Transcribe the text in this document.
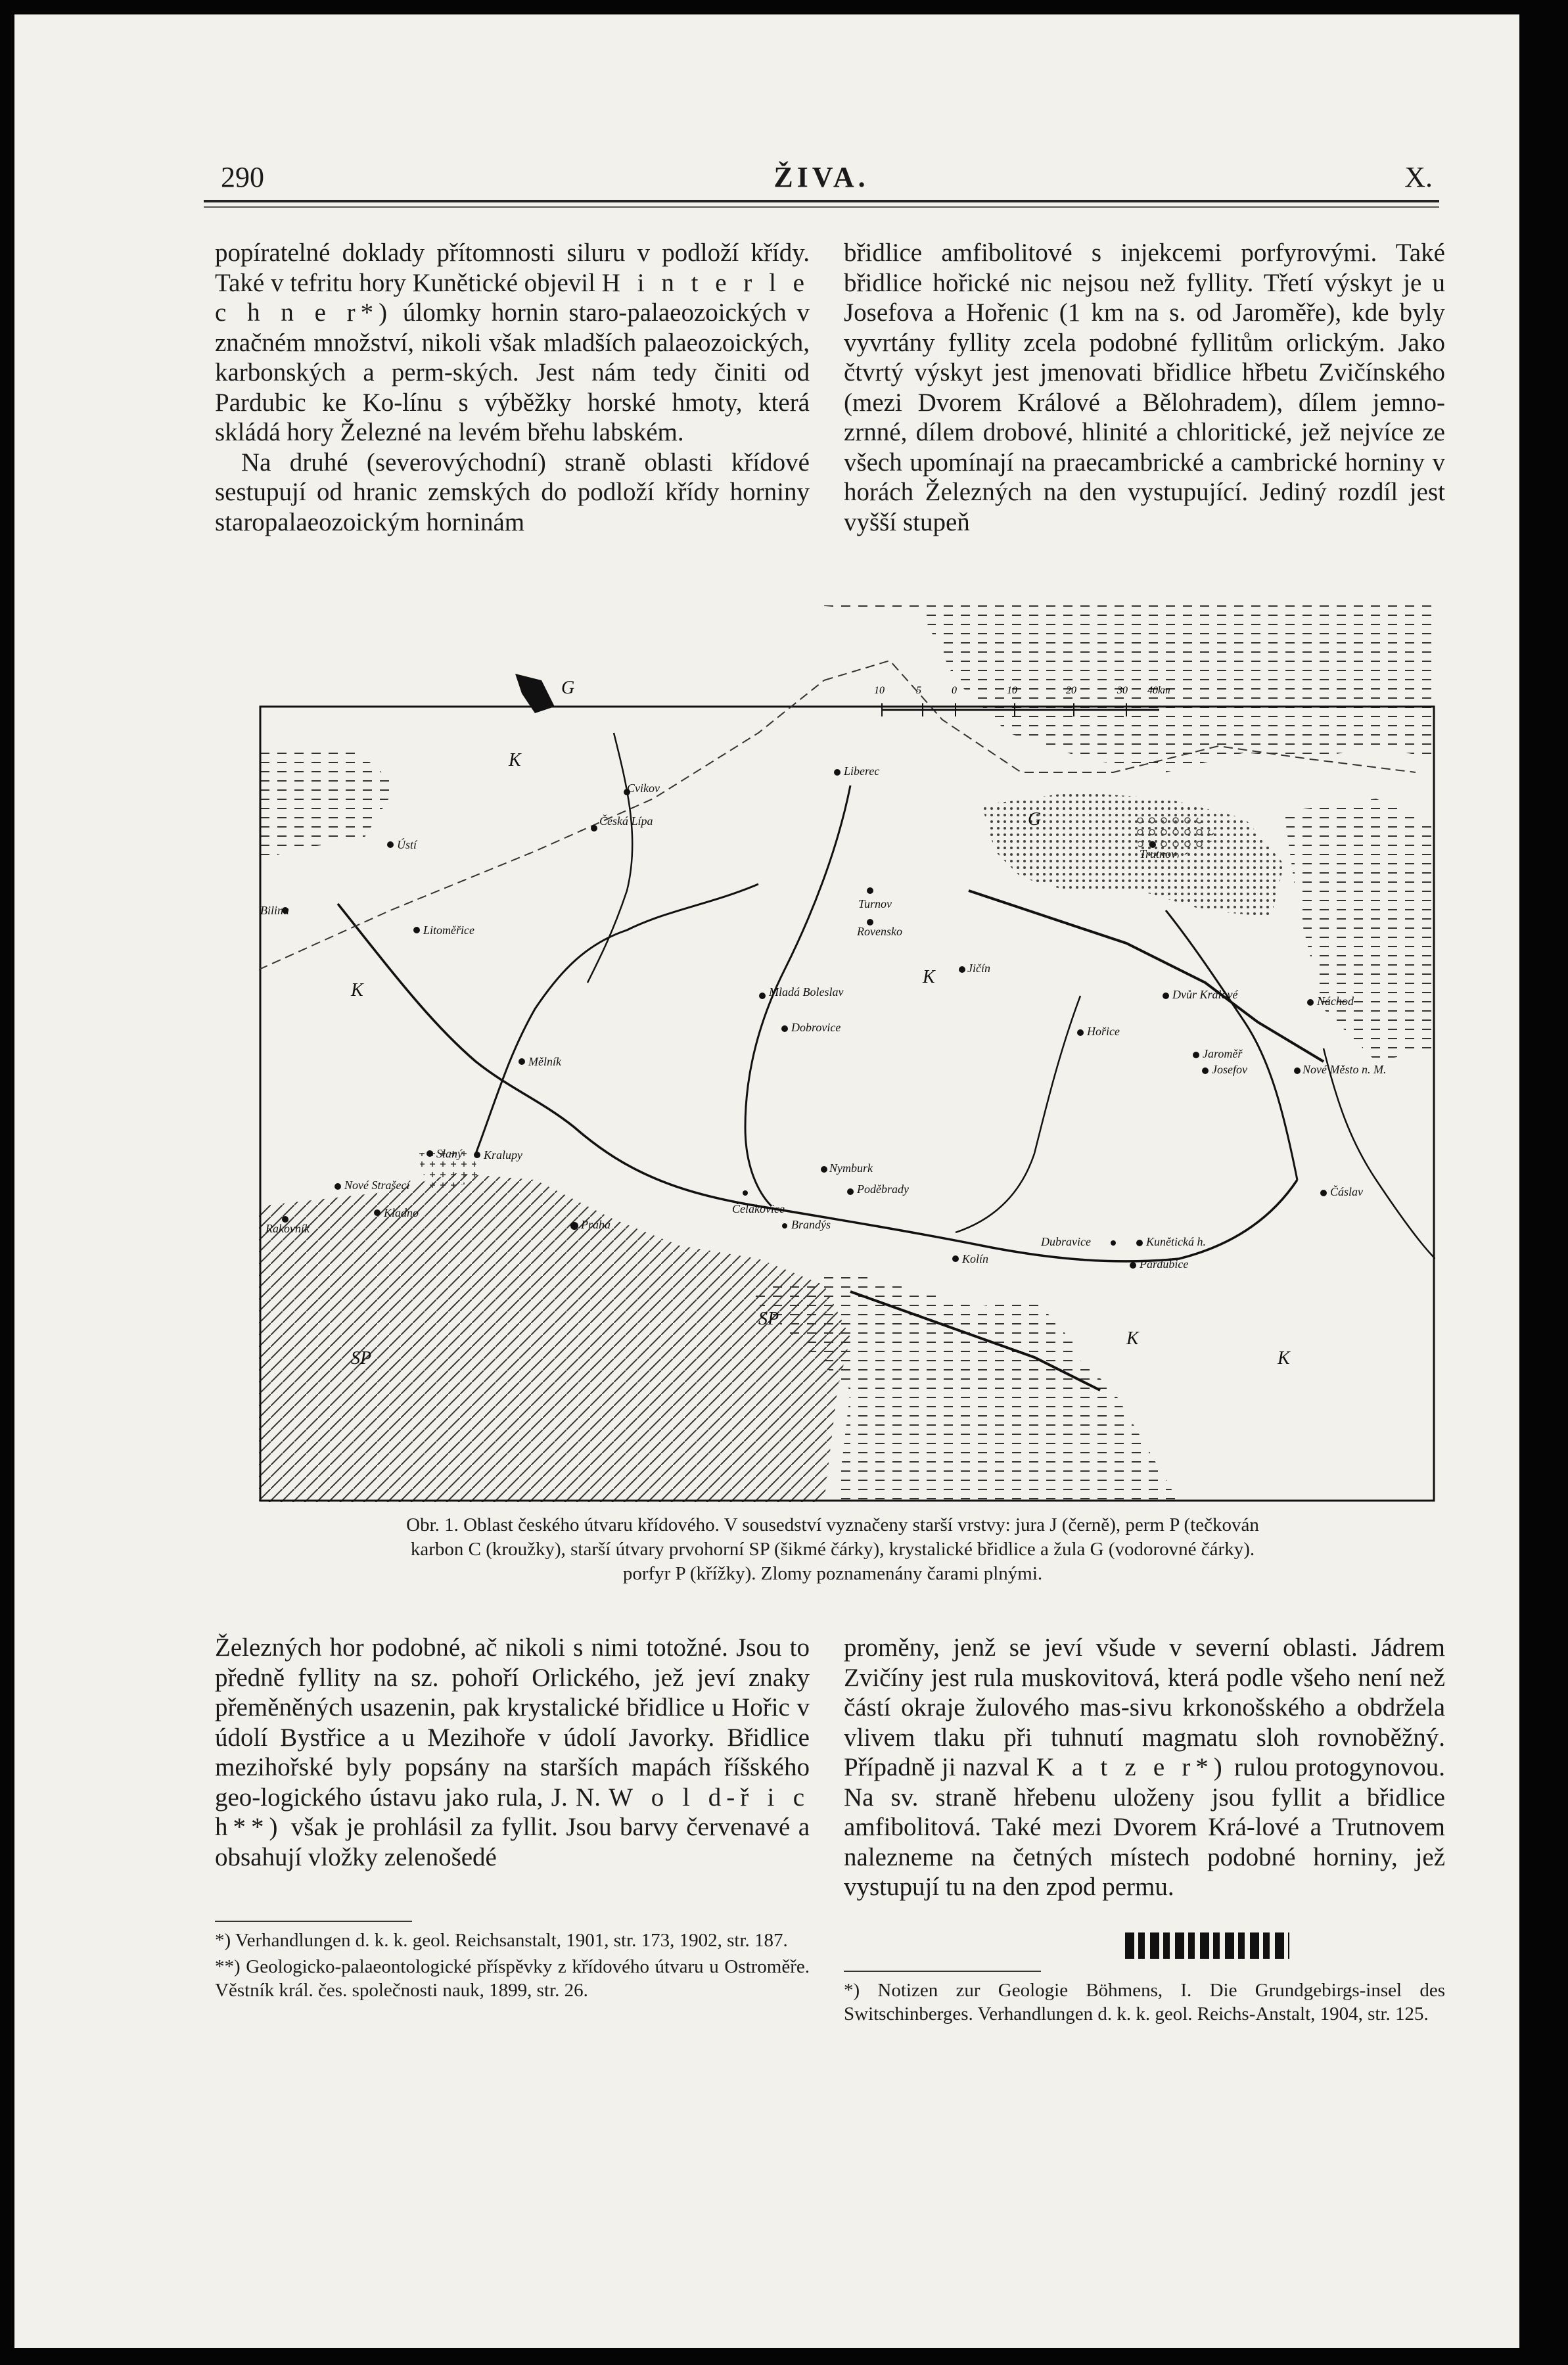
290	ŽIVA.	X.

popíratelné doklady přítomnosti siluru v podloží křídy. Také v tefritu hory Kunětické objevil H i n t e r l e c h n e r*) úlomky hornin staro-palaeozoických v značném množství, nikoli však mladších palaeozoických, karbonských a perm-ských. Jest nám tedy činiti od Pardubic ke Ko-línu s výběžky horské hmoty, která skládá hory Železné na levém břehu labském.

Na druhé (severovýchodní) straně oblasti křídové sestupují od hranic zemských do podloží křídy horniny staropalaeozoickým horninám

břidlice amfibolitové s injekcemi porfyrovými. Také břidlice hořické nic nejsou než fyllity. Třetí výskyt je u Josefova a Hořenic (1 km na s. od Jaroměře), kde byly vyvrtány fyllity zcela podobné fyllitům orlickým. Jako čtvrtý výskyt jest jmenovati břidlice hřbetu Zvičínského (mezi Dvorem Králové a Bělohradem), dílem jemno-zrnné, dílem drobové, hlinité a chloritické, jež nejvíce ze všech upomínají na praecambrické a cambrické horniny v horách Železných na den vystupující. Jediný rozdíl jest vyšší stupeň

10	5	0	10	20	30 40km
Kralupy
Mělník
Litoměřice
Ústí
Bilina
Česká Lípa
Cvikov
Liberec
Turnov
Rovensko
Mladá Boleslav
Dobrovice
Nymburk
Poděbrady
Jičín
Hořice
Jaroměř
Josefov	Nové Město n. M.
Trutnov
Dvůr Králové	Náchod
Kolín	Pardubice
Kunětická h.
Dubravice
Kladno
Nové Strašecí
Slaný
Rakovník
Čáslav
Čelákovice
Brandýs
Praha
K
K
K
K
G
G
SP
SP
K
Obr. 1. Oblast českého útvaru křídového. V sousedství vyznačeny starší vrstvy: jura J (černě), perm P (tečkován
karbon C (kroužky), starší útvary prvohorní SP (šikmé čárky), krystalické břidlice a žula G (vodorovné čárky).
porfyr P (křížky). Zlomy poznamenány čarami plnými.

Železných hor podobné, ač nikoli s nimi totožné. Jsou to předně fyllity na sz. pohoří Orlického, jež jeví znaky přeměněných usazenin, pak krystalické břidlice u Hořic v údolí Bystřice a u Mezihoře v údolí Javorky. Břidlice mezihořské byly popsány na starších mapách říšského geo-logického ústavu jako rula, J. N. W o l d-ř i c h**) však je prohlásil za fyllit. Jsou barvy červenavé a obsahují vložky zelenošedé

proměny, jenž se jeví všude v severní oblasti. Jádrem Zvičíny jest rula muskovitová, která podle všeho není než částí okraje žulového mas-sivu krkonošského a obdržela vlivem tlaku při tuhnutí magmatu sloh rovnoběžný. Případně ji nazval K a t z e r*) rulou protogynovou. Na sv. straně hřebenu uloženy jsou fyllit a břidlice amfibolitová. Také mezi Dvorem Krá-lové a Trutnovem nalezneme na četných místech podobné horniny, jež vystupují tu na den zpod permu.

*) Verhandlungen d. k. k. geol. Reichsanstalt, 1901, str. 173, 1902, str. 187.

**) Geologicko-palaeontologické příspěvky z křídového útvaru u Ostroměře. Věstník král. čes. společnosti nauk, 1899, str. 26.	*) Notizen zur Geologie Böhmens, I. Die Grundgebirgs-insel des Switschinberges. Verhandlungen d. k. k. geol. Reichs-Anstalt, 1904, str. 125.
